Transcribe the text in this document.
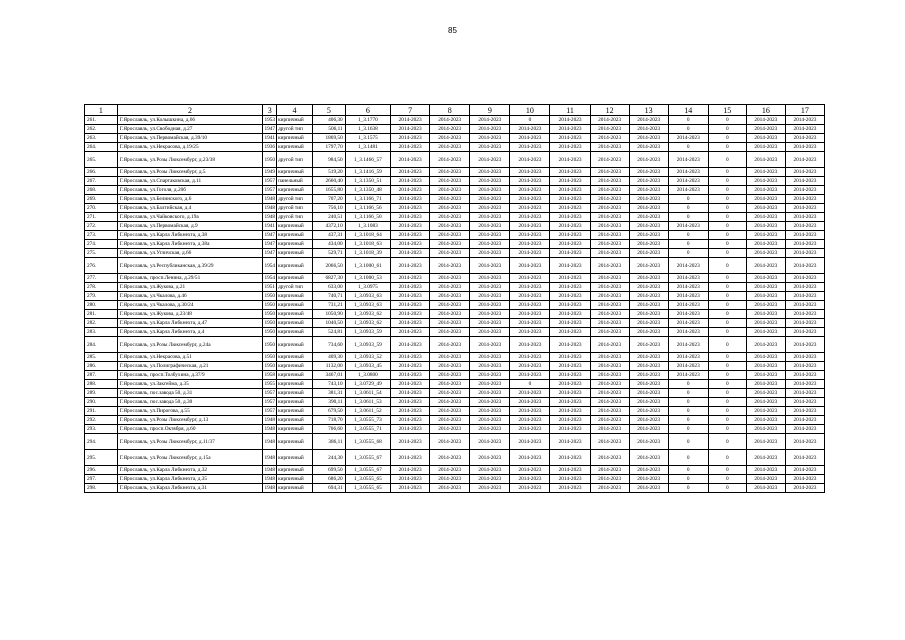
85
1	2	3	4	5	6	7	8	9	10	11	12	13	14	15	16	17
261.	Г.Ярославль, ул.Колышкина, д.66	1953	кирпичный	406,30	1_3.1770	2014-2023	2014-2023	2014-2023	0	2014-2023	2014-2023	2014-2023	0	0	2014-2023	2014-2023
262.	Г.Ярославль, ул.Свободная, д.27	1947	другой тип	506,11	1_3.1638	2014-2023	2014-2023	2014-2023	2014-2023	2014-2023	2014-2023	2014-2023	0	0	2014-2023	2014-2023
263.	Г.Ярославль, ул.Первомайская, д.39/10	1941	кирпичный	1869,50	1_3.1575	2014-2023	2014-2023	2014-2023	2014-2023	2014-2023	2014-2023	2014-2023	2014-2023	0	2014-2023	2014-2023
264.	Г.Ярославль, ул.Некрасова, д.19/25	1936	кирпичный	1797,70	1_3.1481	2014-2023	2014-2023	2014-2023	2014-2023	2014-2023	2014-2023	2014-2023	0	0	2014-2023	2014-2023
265.	Г.Ярославль, ул.Розы Люксембург, д.23/38	1950	другой тип	984,50	1_3.1466_57	2014-2023	2014-2023	2014-2023	2014-2023	2014-2023	2014-2023	2014-2023	2014-2023	0	2014-2023	2014-2023
266.	Г.Ярославль, ул.Розы Люксембург, д.5	1949	кирпичный	519,20	1_3.1416_59	2014-2023	2014-2023	2014-2023	2014-2023	2014-2023	2014-2023	2014-2023	2014-2023	0	2014-2023	2014-2023
267.	Г.Ярославль, ул.Спартаковская, д.11	1957	панельный	2660,40	1_3.1350_51	2014-2023	2014-2023	2014-2023	2014-2023	2014-2023	2014-2023	2014-2023	2014-2023	0	2014-2023	2014-2023
268.	Г.Ярославль, ул.Гоголя, д.20б	1957	кирпичный	1655,80	1_3.1350_48	2014-2023	2014-2023	2014-2023	2014-2023	2014-2023	2014-2023	2014-2023	2014-2023	0	2014-2023	2014-2023
269.	Г.Ярославль, ул.Белинского, д.6	1948	другой тип	707,20	1_3.1166_71	2014-2023	2014-2023	2014-2023	2014-2023	2014-2023	2014-2023	2014-2023	0	0	2014-2023	2014-2023
270.	Г.Ярославль, ул.Балтийская, д.4	1948	другой тип	756,10	1_3.1166_56	2014-2023	2014-2023	2014-2023	2014-2023	2014-2023	2014-2023	2014-2023	0	0	2014-2023	2014-2023
271.	Г.Ярославль, ул.Чайковского, д.19а	1948	другой тип	240,51	1_3.1166_50	2014-2023	2014-2023	2014-2023	2014-2023	2014-2023	2014-2023	2014-2023	0	0	2014-2023	2014-2023
272.	Г.Ярославль, ул.Первомайская, д.9	1941	кирпичный	4372,10	1_3.1083	2014-2023	2014-2023	2014-2023	2014-2023	2014-2023	2014-2023	2014-2023	2014-2023	0	2014-2023	2014-2023
273.	Г.Ярославль, ул.Карла Либкнехта, д.38	1947	кирпичный	437,31	1_3.1018_64	2014-2023	2014-2023	2014-2023	2014-2023	2014-2023	2014-2023	2014-2023	0	0	2014-2023	2014-2023
274.	Г.Ярославль, ул.Карла Либкнехта, д.38а	1947	кирпичный	434,00	1_3.1018_63	2014-2023	2014-2023	2014-2023	2014-2023	2014-2023	2014-2023	2014-2023	0	0	2014-2023	2014-2023
275.	Г.Ярославль, ул.Угличская, д.66	1947	кирпичный	529,71	1_3.1018_39	2014-2023	2014-2023	2014-2023	2014-2023	2014-2023	2014-2023	2014-2023	0	0	2014-2023	2014-2023
276.	Г.Ярославль, ул.Республиканская, д.39/29	1954	кирпичный	2066,50	1_3.1000_61	2014-2023	2014-2023	2014-2023	2014-2023	2014-2023	2014-2023	2014-2023	2014-2023	0	2014-2023	2014-2023
277.	Г.Ярославль, просп.Ленина, д.29/51	1954	кирпичный	6827,30	1_3.1000_53	2014-2023	2014-2023	2014-2023	2014-2023	2014-2023	2014-2023	2014-2023	2014-2023	0	2014-2023	2014-2023
278.	Г.Ярославль, ул.Жукова, д.21	1951	другой тип	633,00	1_3.0975	2014-2023	2014-2023	2014-2023	2014-2023	2014-2023	2014-2023	2014-2023	2014-2023	0	2014-2023	2014-2023
279.	Г.Ярославль, ул.Чкалова, д.46	1950	кирпичный	740,71	1_3.0933_63	2014-2023	2014-2023	2014-2023	2014-2023	2014-2023	2014-2023	2014-2023	2014-2023	0	2014-2023	2014-2023
280.	Г.Ярославль, ул.Чкалова, д.30/24	1950	кирпичный	731,21	1_3.0933_63	2014-2023	2014-2023	2014-2023	2014-2023	2014-2023	2014-2023	2014-2023	2014-2023	0	2014-2023	2014-2023
281.	Г.Ярославль, ул.Жукова, д.23/48	1950	кирпичный	1050,90	1_3.0933_62	2014-2023	2014-2023	2014-2023	2014-2023	2014-2023	2014-2023	2014-2023	2014-2023	0	2014-2023	2014-2023
282.	Г.Ярославль, ул.Карла Либкнехта, д.47	1950	кирпичный	1040,50	1_3.0933_62	2014-2023	2014-2023	2014-2023	2014-2023	2014-2023	2014-2023	2014-2023	2014-2023	0	2014-2023	2014-2023
283.	Г.Ярославль, ул.Карла Либкнехта, д.4	1950	кирпичный	524,81	1_3.0933_59	2014-2023	2014-2023	2014-2023	2014-2023	2014-2023	2014-2023	2014-2023	2014-2023	0	2014-2023	2014-2023
284.	Г.Ярославль, ул.Розы Люксембург, д.24а	1950	кирпичный	734,60	1_3.0933_59	2014-2023	2014-2023	2014-2023	2014-2023	2014-2023	2014-2023	2014-2023	2014-2023	0	2014-2023	2014-2023
285.	Г.Ярославль, ул.Некрасова, д.51	1950	кирпичный	409,30	1_3.0933_52	2014-2023	2014-2023	2014-2023	2014-2023	2014-2023	2014-2023	2014-2023	2014-2023	0	2014-2023	2014-2023
286.	Г.Ярославль, ул.Полиграфическая, д.21	1950	кирпичный	1132,00	1_3.0933_45	2014-2023	2014-2023	2014-2023	2014-2023	2014-2023	2014-2023	2014-2023	2014-2023	0	2014-2023	2014-2023
287.	Г.Ярославль, просп.Толбухина, д.37/9	1958	кирпичный	3467,01	1_3.0800	2014-2023	2014-2023	2014-2023	2014-2023	2014-2023	2014-2023	2014-2023	2014-2023	0	2014-2023	2014-2023
288.	Г.Ярославль, ул.Закгейма, д.35	1955	кирпичный	743,10	1_3.0729_49	2014-2023	2014-2023	2014-2023	0	2014-2023	2014-2023	2014-2023	0	0	2014-2023	2014-2023
289.	Г.Ярославль, пос.завода 50, д.31	1957	кирпичный	381,31	1_3.0611_54	2014-2023	2014-2023	2014-2023	2014-2023	2014-2023	2014-2023	2014-2023	0	0	2014-2023	2014-2023
290.	Г.Ярославль, пос.завода 50, д.30	1957	кирпичный	390,11	1_3.0611_53	2014-2023	2014-2023	2014-2023	2014-2023	2014-2023	2014-2023	2014-2023	0	0	2014-2023	2014-2023
291.	Г.Ярославль, ул.Пирогова, д.55	1957	кирпичный	679,50	1_3.0611_52	2014-2023	2014-2023	2014-2023	2014-2023	2014-2023	2014-2023	2014-2023	0	0	2014-2023	2014-2023
292.	Г.Ярославль, ул.Розы Люксембург, д.13	1948	кирпичный	718,70	1_3.0555_73	2014-2023	2014-2023	2014-2023	2014-2023	2014-2023	2014-2023	2014-2023	0	0	2014-2023	2014-2023
293.	Г.Ярославль, просп.Октября, д.60	1948	кирпичный	706,60	1_3.0555_71	2014-2023	2014-2023	2014-2023	2014-2023	2014-2023	2014-2023	2014-2023	0	0	2014-2023	2014-2023
294.	Г.Ярославль, ул.Розы Люксембург, д.11/37	1948	кирпичный	386,11	1_3.0555_68	2014-2023	2014-2023	2014-2023	2014-2023	2014-2023	2014-2023	2014-2023	0	0	2014-2023	2014-2023
295.	Г.Ярославль, ул.Розы Люксембург, д.15а	1948	кирпичный	244,30	1_3.0555_67	2014-2023	2014-2023	2014-2023	2014-2023	2014-2023	2014-2023	2014-2023	0	0	2014-2023	2014-2023
296.	Г.Ярославль, ул.Карла Либкнехта, д.32	1948	кирпичный	699,50	1_3.0555_67	2014-2023	2014-2023	2014-2023	2014-2023	2014-2023	2014-2023	2014-2023	0	0	2014-2023	2014-2023
297.	Г.Ярославль, ул.Карла Либкнехта, д.35	1948	кирпичный	686,20	1_3.0555_65	2014-2023	2014-2023	2014-2023	2014-2023	2014-2023	2014-2023	2014-2023	0	0	2014-2023	2014-2023
298.	Г.Ярославль, ул.Карла Либкнехта, д.31	1948	кирпичный	694,31	1_3.0555_65	2014-2023	2014-2023	2014-2023	2014-2023	2014-2023	2014-2023	2014-2023	0	0	2014-2023	2014-2023
